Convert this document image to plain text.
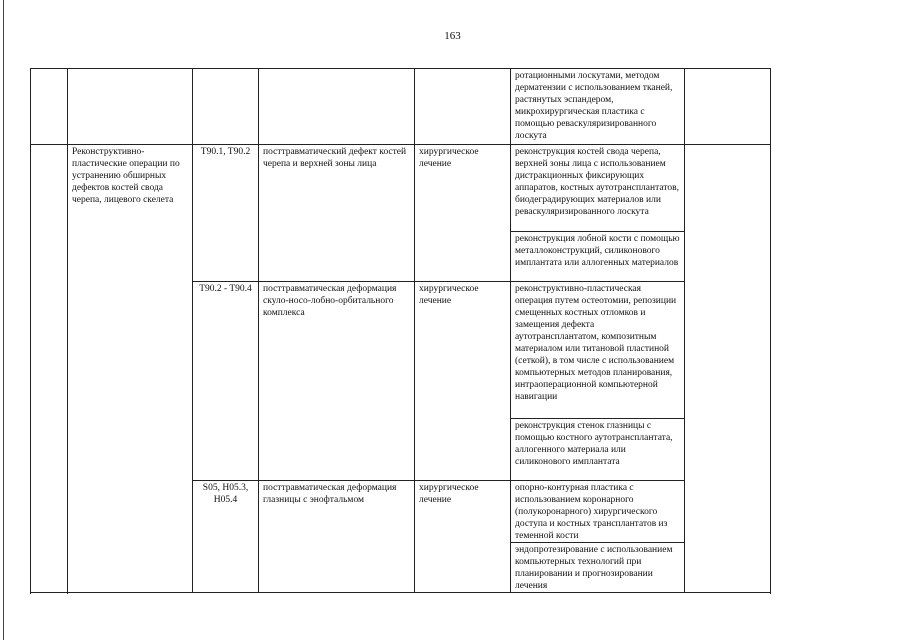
163
					ротационными лоскутами, методом дерматензии с использованием тканей, растянутых эспандером, микрохирургическая пластика с помощью реваскуляризированного лоскута	
	Реконструктивно-пластические операции по устранению обширных дефектов костей свода черепа, лицевого скелета	T90.1, T90.2	посттравматический дефект костей черепа и верхней зоны лица	хирургическое лечение	реконструкция костей свода черепа, верхней зоны лица с использованием дистракционных фиксирующих аппаратов, костных аутотрансплантатов, биодеградирующих материалов или реваскуляризированного лоскута	
					реконструкция лобной кости с помощью металлоконструкций, силиконового имплантата или аллогенных материалов	
		T90.2 - T90.4	посттравматическая деформация скуло-носо-лобно-орбитального комплекса	хирургическое лечение	реконструктивно-пластическая операция путем остеотомии, репозиции смещенных костных отломков и замещения дефекта аутотрансплантатом, композитным материалом или титановой пластиной (сеткой), в том числе с использованием компьютерных методов планирования, интраоперационной компьютерной навигации	
					реконструкция стенок глазницы с помощью костного аутотрансплантата, аллогенного материала или силиконового имплантата	
		S05, H05.3, H05.4	посттравматическая деформация глазницы с энофтальмом	хирургическое лечение	опорно-контурная пластика с использованием коронарного (полукоронарного) хирургического доступа и костных трансплантатов из теменной кости	
					эндопротезирование с использованием компьютерных технологий при планировании и прогнозировании лечения	
